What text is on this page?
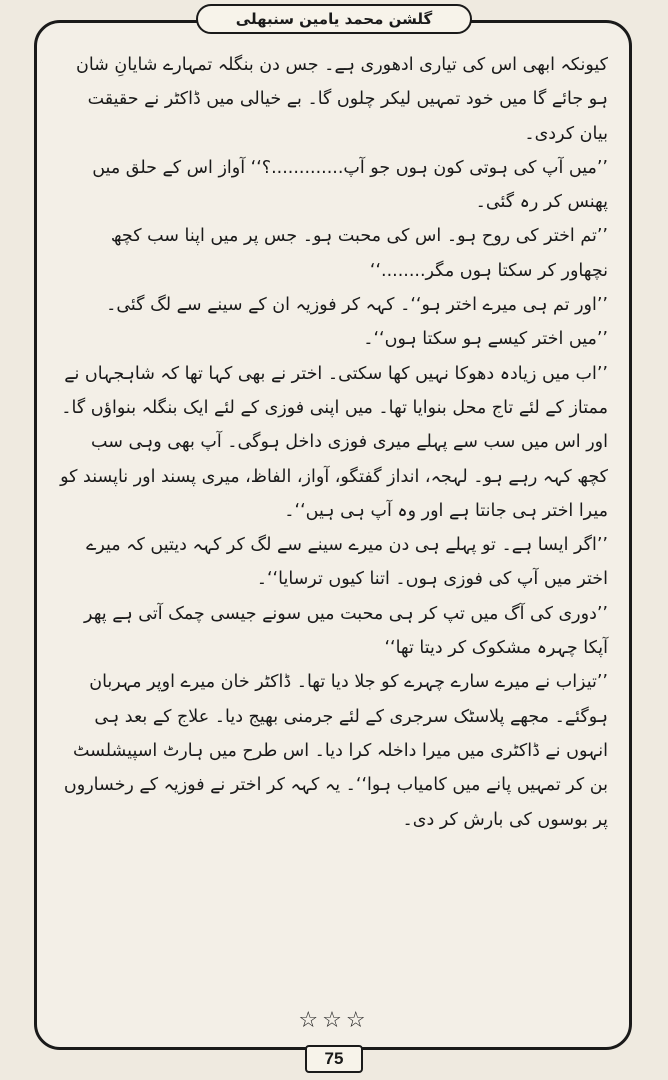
گلشن محمد یامین سنبھلی

کیونکہ ابھی اس کی تیاری ادھوری ہے۔ جس دن بنگلہ تمہارے شایانِ شان ہو جائے گا میں خود تمہیں لیکر چلوں گا۔ بے خیالی میں ڈاکٹر نے حقیقت بیان کردی۔

’’میں آپ کی ہوتی کون ہوں جو آپ.............؟‘‘ آواز اس کے حلق میں پھنس کر رہ گئی۔

’’تم اختر کی روح ہو۔ اس کی محبت ہو۔ جس پر میں اپنا سب کچھ نچھاور کر سکتا ہوں مگر........‘‘

’’اور تم ہی میرے اختر ہو‘‘۔ کہہ کر فوزیہ ان کے سینے سے لگ گئی۔

’’میں اختر کیسے ہو سکتا ہوں‘‘۔

’’اب میں زیادہ دھوکا نہیں کھا سکتی۔ اختر نے بھی کہا تھا کہ شاہجہاں نے ممتاز کے لئے تاج محل بنوایا تھا۔ میں اپنی فوزی کے لئے ایک بنگلہ بنواؤں گا۔ اور اس میں سب سے پہلے میری فوزی داخل ہوگی۔ آپ بھی وہی سب کچھ کہہ رہے ہو۔ لہجہ، انداز گفتگو، آواز، الفاظ، میری پسند اور ناپسند کو میرا اختر ہی جانتا ہے اور وہ آپ ہی ہیں‘‘۔

’’اگر ایسا ہے۔ تو پہلے ہی دن میرے سینے سے لگ کر کہہ دیتیں کہ میرے اختر میں آپ کی فوزی ہوں۔ اتنا کیوں ترسایا‘‘۔

’’دوری کی آگ میں تپ کر ہی محبت میں سونے جیسی چمک آتی ہے پھر آپکا چہرہ مشکوک کر دیتا تھا‘‘

’’تیزاب نے میرے سارے چہرے کو جلا دیا تھا۔ ڈاکٹر خان میرے اوپر مہربان ہوگئے۔ مجھے پلاسٹک سرجری کے لئے جرمنی بھیج دیا۔ علاج کے بعد ہی انہوں نے ڈاکٹری میں میرا داخلہ کرا دیا۔ اس طرح میں ہارٹ اسپیشلسٹ بن کر تمہیں پانے میں کامیاب ہوا‘‘۔ یہ کہہ کر اختر نے فوزیہ کے رخساروں پر بوسوں کی بارش کر دی۔

☆☆☆
75
